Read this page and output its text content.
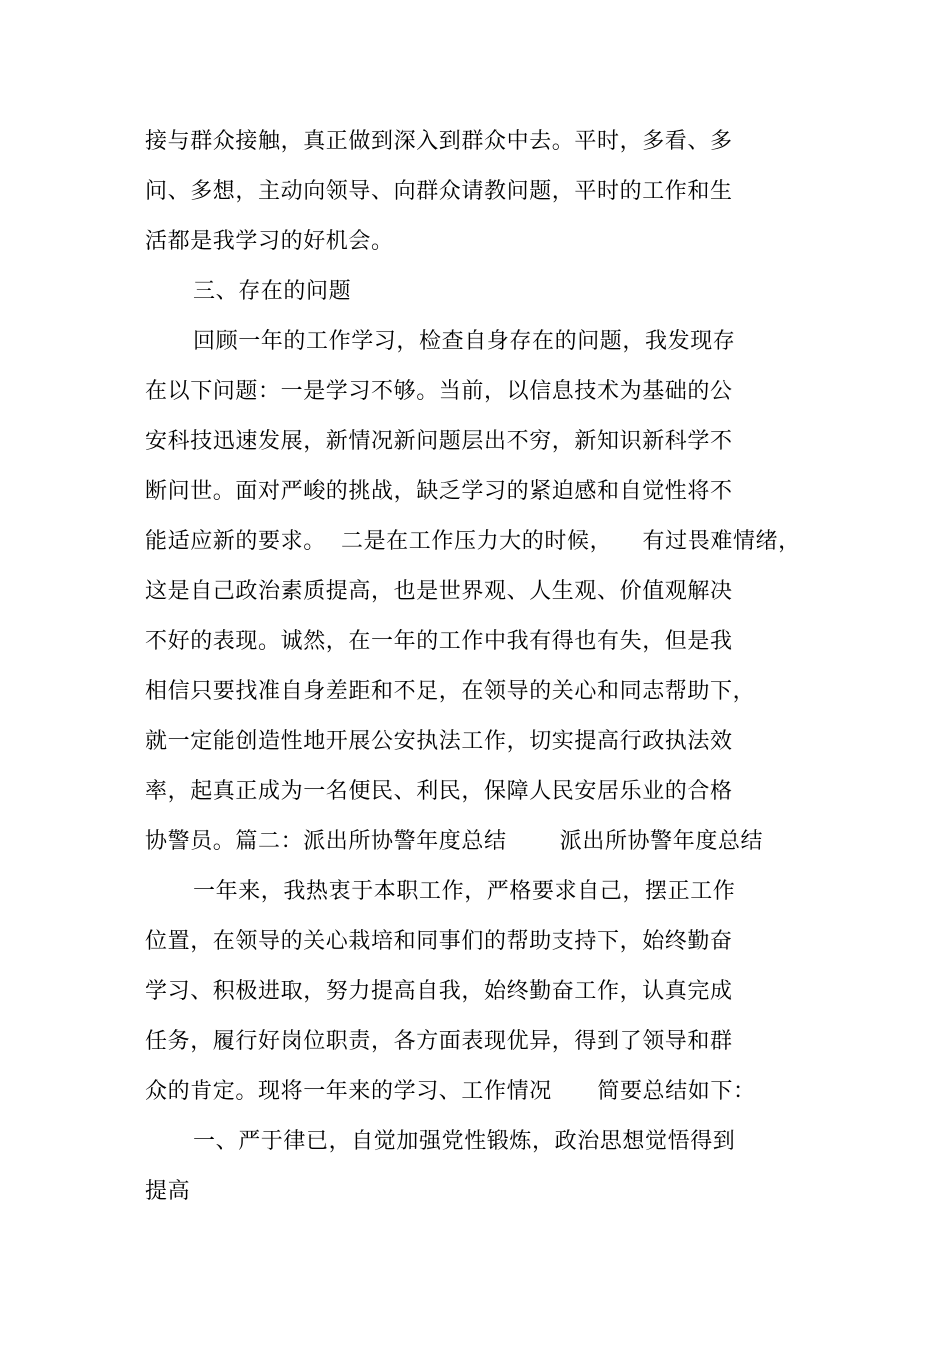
接与群众接触，真正做到深入到群众中去。平时，多看、多
问、多想，主动向领导、向群众请教问题，平时的工作和生
活都是我学习的好机会。
三、存在的问题
回顾一年的工作学习，检查自身存在的问题，我发现存
在以下问题：一是学习不够。当前，以信息技术为基础的公
安科技迅速发展，新情况新问题层出不穷，新知识新科学不
断问世。面对严峻的挑战，缺乏学习的紧迫感和自觉性将不
能适应新的要求。  二是在工作压力大的时候，    有过畏难情绪，
这是自己政治素质提高，也是世界观、人生观、价值观解决
不好的表现。诚然，在一年的工作中我有得也有失，但是我
相信只要找准自身差距和不足，在领导的关心和同志帮助下，
就一定能创造性地开展公安执法工作，切实提高行政执法效
率，起真正成为一名便民、利民，保障人民安居乐业的合格
协警员。篇二：派出所协警年度总结       派出所协警年度总结
一年来，我热衷于本职工作，严格要求自己，摆正工作
位置，在领导的关心栽培和同事们的帮助支持下，始终勤奋
学习、积极进取，努力提高自我，始终勤奋工作，认真完成
任务，履行好岗位职责，各方面表现优异，得到了领导和群
众的肯定。现将一年来的学习、工作情况      简要总结如下：
一、严于律已，自觉加强党性锻炼，政治思想觉悟得到
提高
